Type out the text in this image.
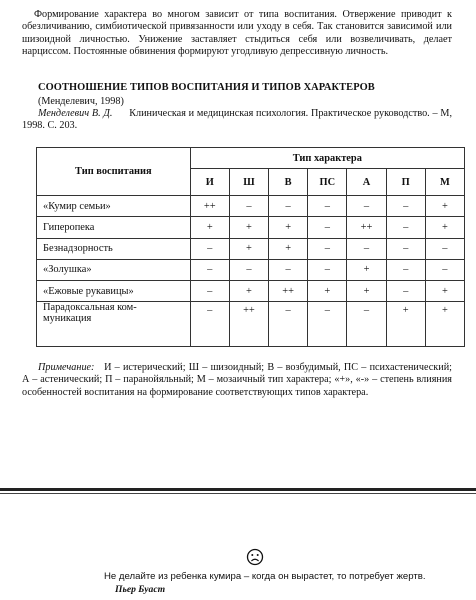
Формирование характера во многом зависит от типа воспитания. Отвержение приводит к обезличиванию, симбиотической привязанности или уходу в себя. Так становится зависимой или шизоидной личностью. Унижение заставляет стыдиться себя или возвеличивать, делает нарциссом. Постоянные обвинения формируют угодливую депрессивную личность.

СООТНОШЕНИЕ ТИПОВ ВОСПИТАНИЯ И ТИПОВ ХАРАКТЕРОВ
(Менделевич, 1998)

Менделевич В. Д. Клиническая и медицинская психология. Практическое руководство. – М, 1998. С. 203.

Тип воспитания	Тип характера						
	И	Ш	В	ПС	А	П	М
«Кумир семьи»	++	–	–	–	–	–	+
Гиперопека	+	+	+	–	++	–	+
Безнадзорность	–	+	+	–	–	–	–
«Золушка»	–	–	–	–	+	–	–
«Ежовые рукавицы»	–	+	++	+	+	–	+
Парадоксальная ком-
муникация	–	++	–	–	–	+	+

Примечание: И – истерический; Ш – шизоидный; В – возбудимый, ПС – психастенический; А – астенический; П – паранойяльный; М – мозаичный тип характера; «+», «-» – степень влияния особенностей воспитания на формирование соответствующих типов характера.

Не делайте из ребенка кумира – когда он вырастет, то потребует жертв.
Пьер Буаст
